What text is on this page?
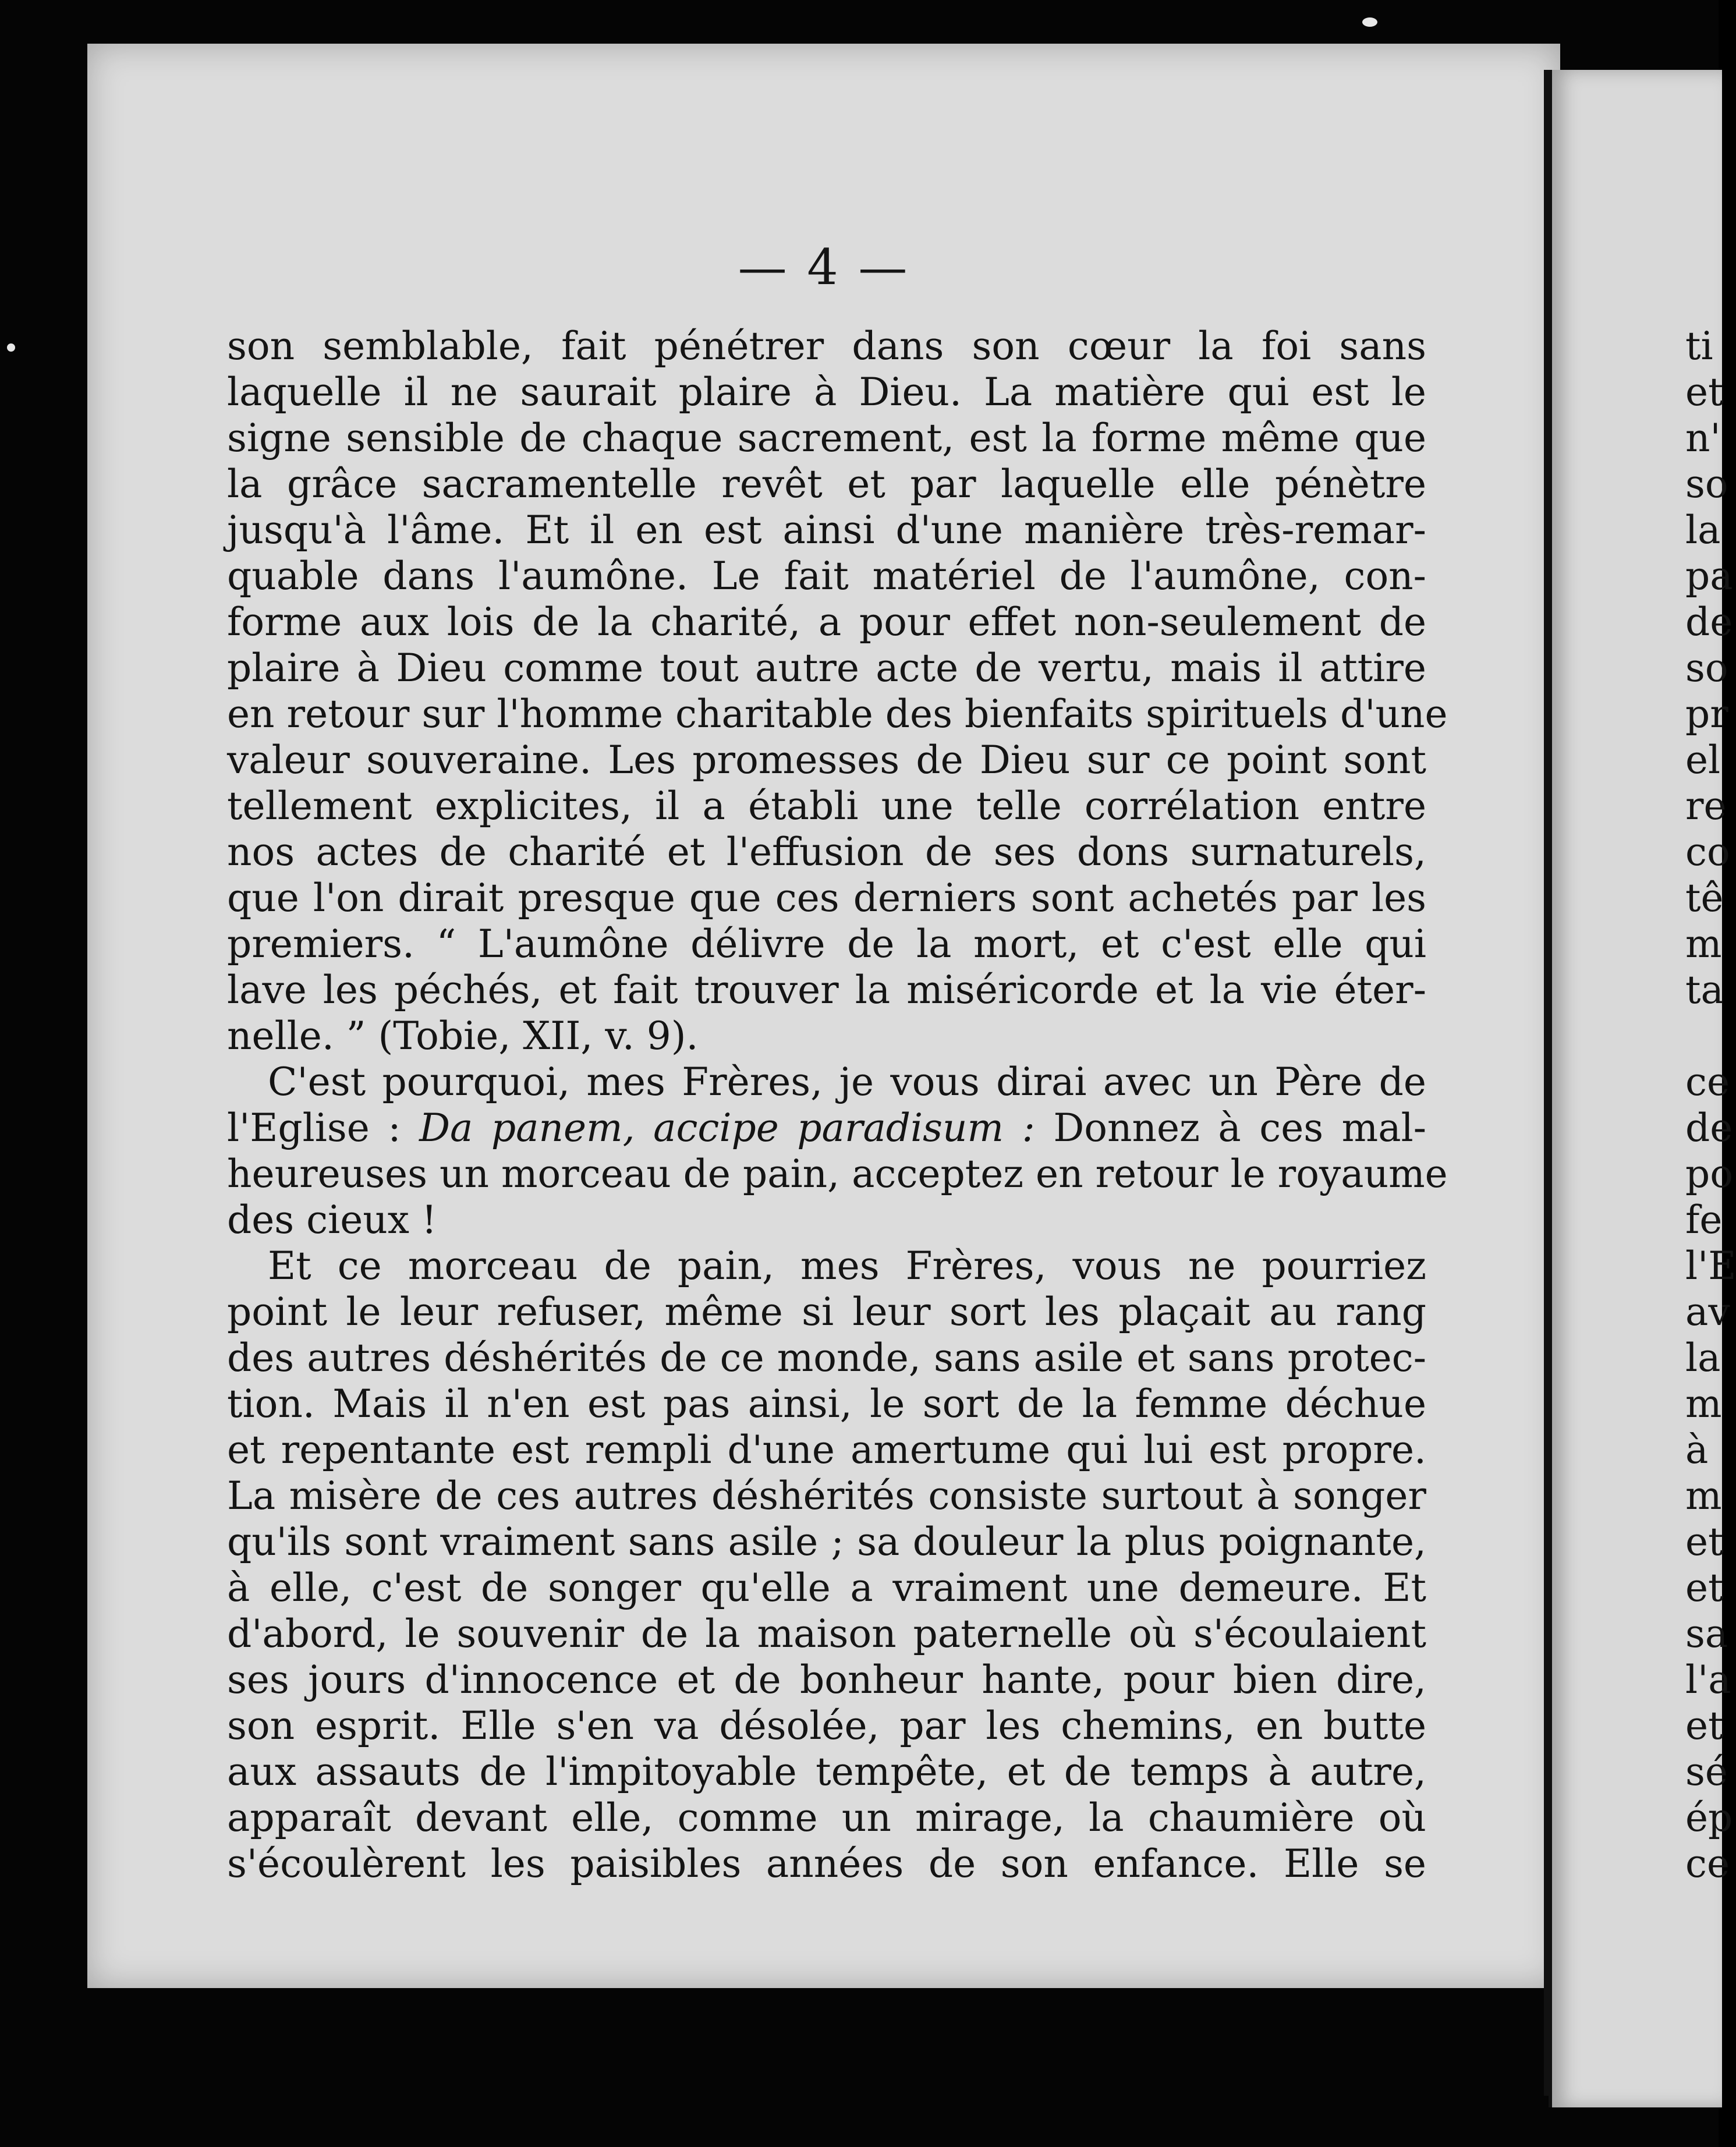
— 4 —

son semblable, fait pénétrer dans son cœur la foi sans
laquelle il ne saurait plaire à Dieu. La matière qui est le
signe sensible de chaque sacrement, est la forme même que
la grâce sacramentelle revêt et par laquelle elle pénètre
jusqu'à l'âme. Et il en est ainsi d'une manière très-remar-
quable dans l'aumône. Le fait matériel de l'aumône, con-
forme aux lois de la charité, a pour effet non-seulement de
plaire à Dieu comme tout autre acte de vertu, mais il attire
en retour sur l'homme charitable des bienfaits spirituels d'une
valeur souveraine. Les promesses de Dieu sur ce point sont
tellement explicites, il a établi une telle corrélation entre
nos actes de charité et l'effusion de ses dons surnaturels,
que l'on dirait presque que ces derniers sont achetés par les
premiers. “ L'aumône délivre de la mort, et c'est elle qui
lave les péchés, et fait trouver la miséricorde et la vie éter-
nelle. ” (Tobie, XII, v. 9).

C'est pourquoi, mes Frères, je vous dirai avec un Père de
l'Eglise : Da panem, accipe paradisum : Donnez à ces mal-
heureuses un morceau de pain, acceptez en retour le royaume
des cieux !

Et ce morceau de pain, mes Frères, vous ne pourriez
point le leur refuser, même si leur sort les plaçait au rang
des autres déshérités de ce monde, sans asile et sans protec-
tion. Mais il n'en est pas ainsi, le sort de la femme déchue
et repentante est rempli d'une amertume qui lui est propre.
La misère de ces autres déshérités consiste surtout à songer
qu'ils sont vraiment sans asile ; sa douleur la plus poignante,
à elle, c'est de songer qu'elle a vraiment une demeure. Et
d'abord, le souvenir de la maison paternelle où s'écoulaient
ses jours d'innocence et de bonheur hante, pour bien dire,
son esprit. Elle s'en va désolée, par les chemins, en butte
aux assauts de l'impitoyable tempête, et de temps à autre,
apparaît devant elle, comme un mirage, la chaumière où
s'écoulèrent les paisibles années de son enfance. Elle se

ti
et
n'
so
la
pa
de
so
pr
el
re
co
tê
m
ta
ce
de
po
fe
l'E
av
la
m
à
m
et
et
sa
l'a
et
sé
ép
ce
